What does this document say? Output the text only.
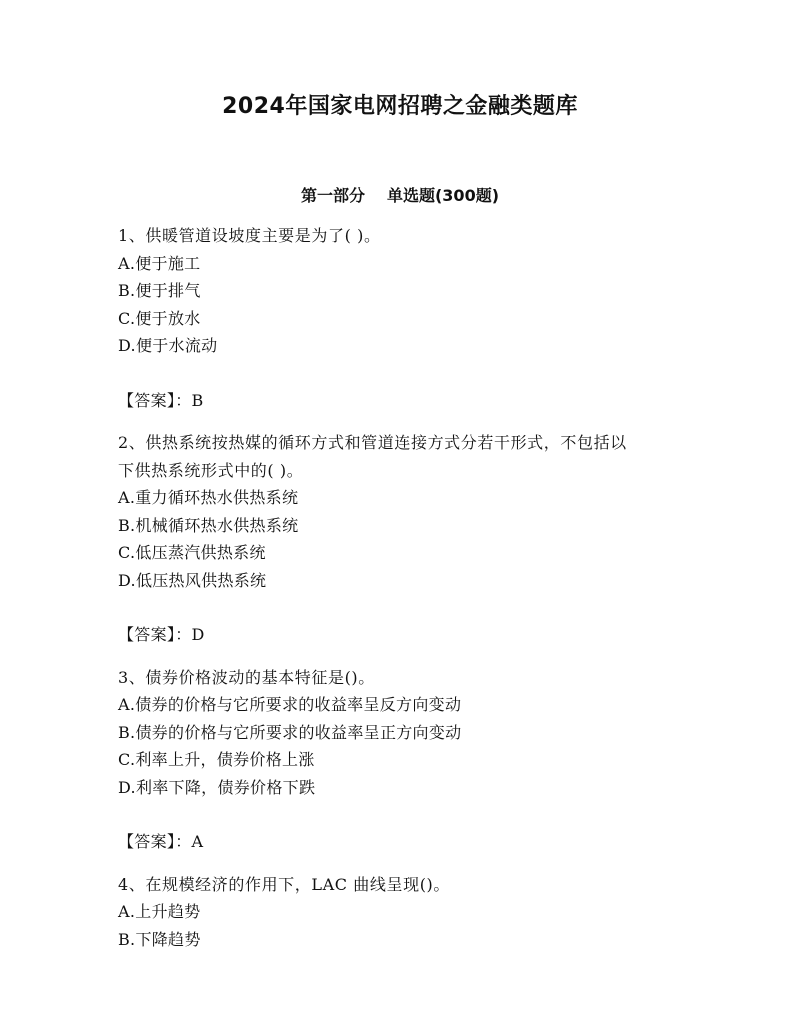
2024年国家电网招聘之金融类题库
第一部分 单选题(300题)
1、供暖管道设坡度主要是为了( )。
A.便于施工
B.便于排气
C.便于放水
D.便于水流动
【答案】：B
2、供热系统按热媒的循环方式和管道连接方式分若干形式，不包括以
下供热系统形式中的( )。
A.重力循环热水供热系统
B.机械循环热水供热系统
C.低压蒸汽供热系统
D.低压热风供热系统
【答案】：D
3、债券价格波动的基本特征是()。
A.债券的价格与它所要求的收益率呈反方向变动
B.债券的价格与它所要求的收益率呈正方向变动
C.利率上升，债券价格上涨
D.利率下降，债券价格下跌
【答案】：A
4、在规模经济的作用下，LAC 曲线呈现()。
A.上升趋势
B.下降趋势
